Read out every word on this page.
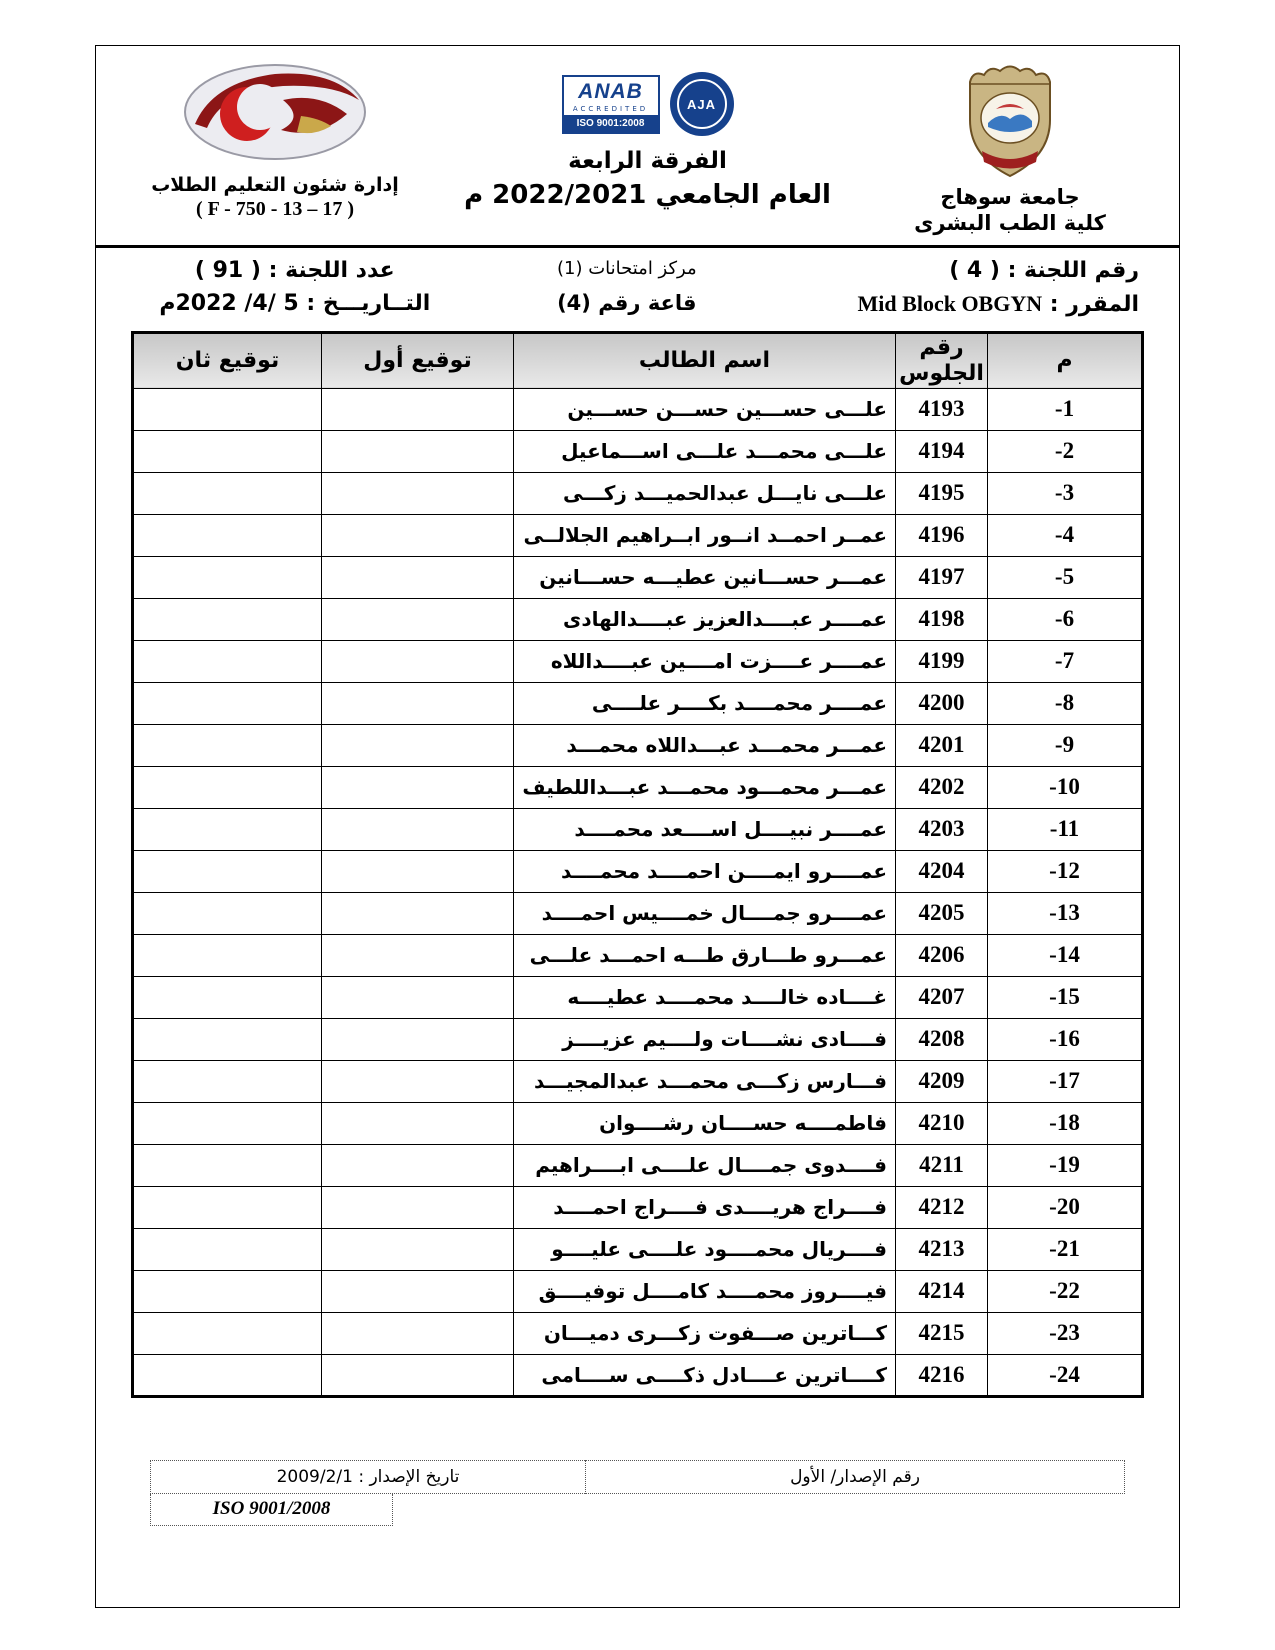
جامعة سوهاج
كلية الطب البشرى
ANAB
ACCREDITED
ISO 9001:2008
AJA
الفرقة الرابعة
العام الجامعي 2022/2021 م
إدارة شئون التعليم الطلاب
( F - 750 - 13 – 17 )
رقم اللجنة : ( 4 )
مركز امتحانات (1)
عدد اللجنة : ( 91 )
المقرر : Mid Block OBGYN
قاعة رقم (4)
التــاريـــخ : 5 /4/ 2022م
م	رقم الجلوس	اسم الطالب	توقيع أول	توقيع ثان
-1	4193	علـــى حســـين حســـن حســـين		
-2	4194	علـــى محمـــد علـــى اســـماعيل		
-3	4195	علـــى نايـــل عبدالحميـــد زكـــى		
-4	4196	عمــر احمــد انــور ابــراهيم الجلالــى		
-5	4197	عمـــر حســـانين عطيـــه حســـانين		
-6	4198	عمــــر عبــــدالعزيز عبــــدالهادى		
-7	4199	عمــــر عــــزت امــــين عبــــداللاه		
-8	4200	عمــــر محمــــد بكــــر علــــى		
-9	4201	عمـــر محمـــد عبـــداللاه محمـــد		
-10	4202	عمـــر محمـــود محمـــد عبـــداللطيف		
-11	4203	عمــــر نبيــــل اســــعد محمــــد		
-12	4204	عمــــرو ايمــــن احمــــد محمــــد		
-13	4205	عمــــرو جمــــال خمــــيس احمــــد		
-14	4206	عمـــرو طـــارق طـــه احمـــد علـــى		
-15	4207	غــــاده خالــــد محمــــد عطيــــه		
-16	4208	فــــادى نشــــات ولــــيم عزيــــز		
-17	4209	فـــارس زكـــى محمـــد عبدالمجيـــد		
-18	4210	فاطمــــه حســــان رشــــوان		
-19	4211	فــــدوى جمــــال علــــى ابــــراهيم		
-20	4212	فــــراج هريــــدى فــــراج احمــــد		
-21	4213	فــــريال محمــــود علــــى عليــــو		
-22	4214	فيــــروز محمــــد كامــــل توفيــــق		
-23	4215	كـــاترين صـــفوت زكـــرى دميـــان		
-24	4216	كــــاترين عــــادل ذكــــى ســــامى		
رقم الإصدار/ الأول
تاريخ الإصدار : 2009/2/1
ISO 9001/2008
